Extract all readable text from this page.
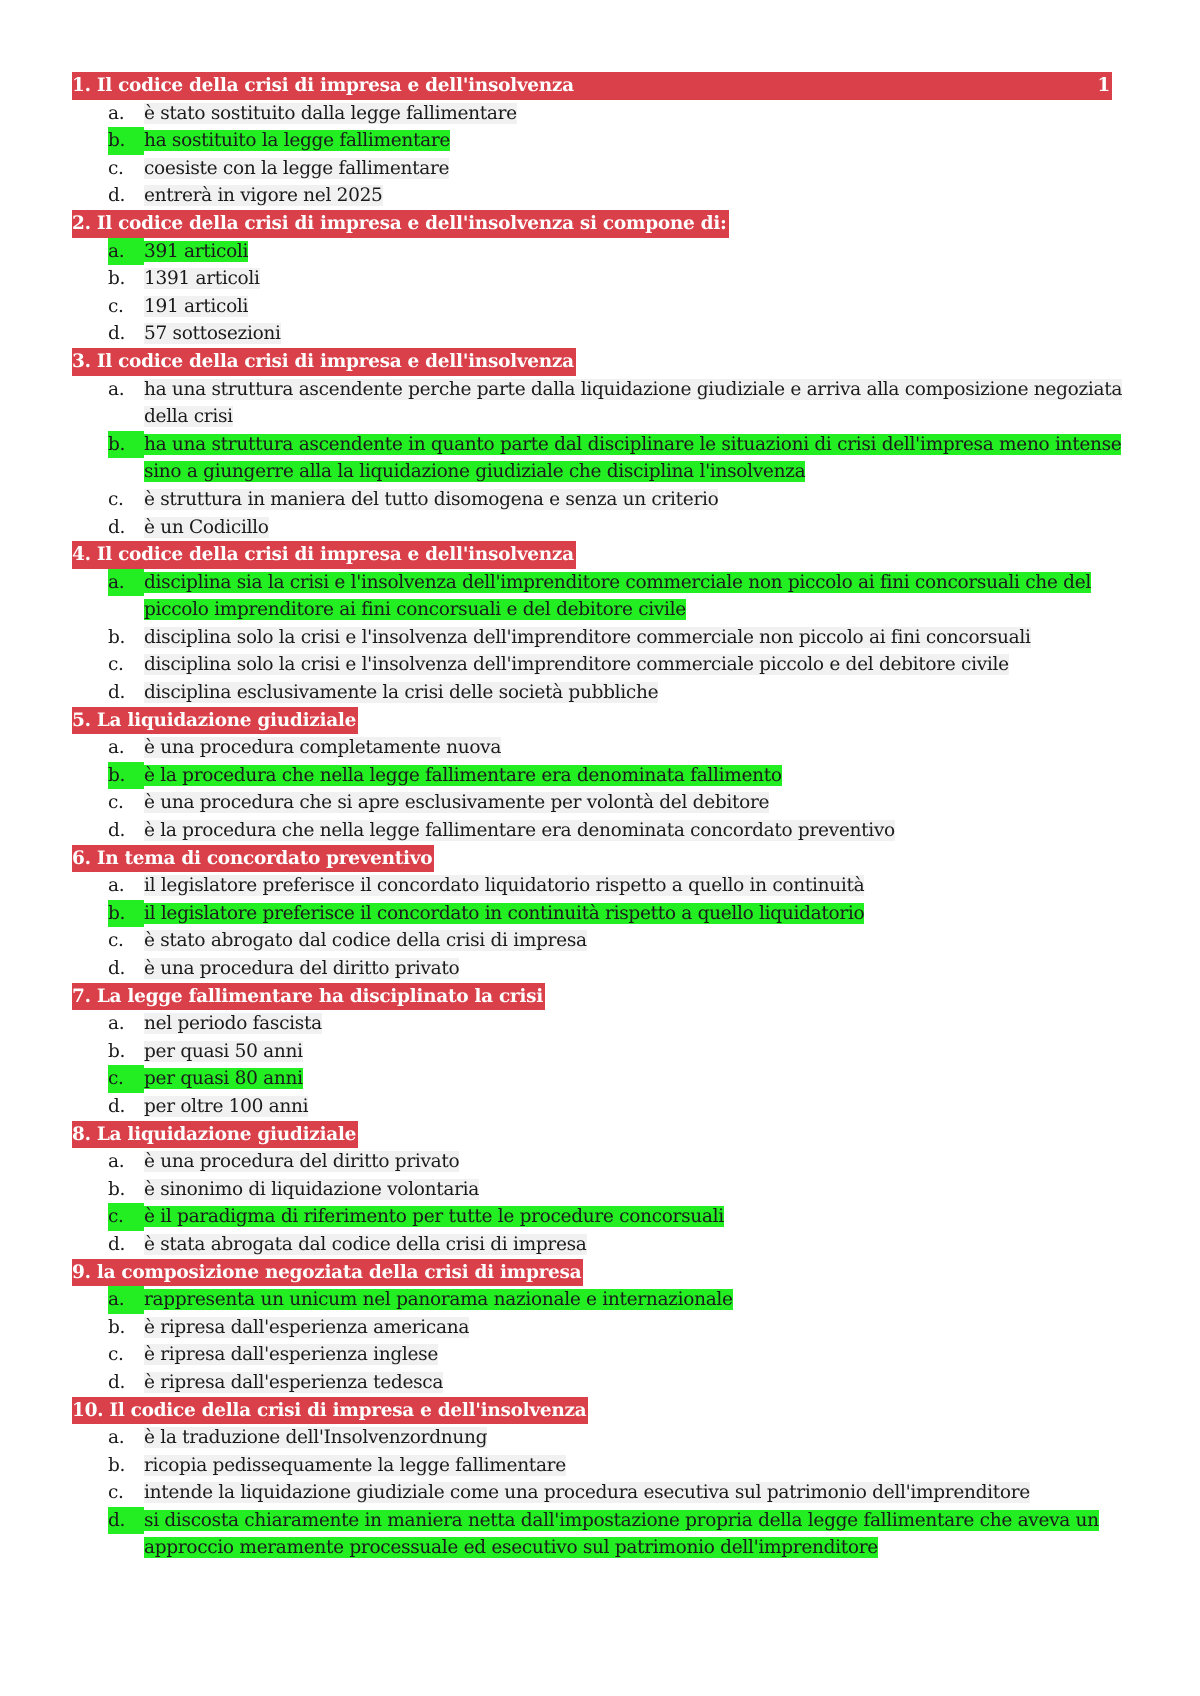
1. Il codice della crisi di impresa e dell'insolvenza	1
a.	è stato sostituito dalla legge fallimentare
b.	ha sostituito la legge fallimentare
c.	coesiste con la legge fallimentare
d.	entrerà in vigore nel 2025
2. Il codice della crisi di impresa e dell'insolvenza si compone di:
a.	391 articoli
b.	1391 articoli
c.	191 articoli
d.	57 sottosezioni
3. Il codice della crisi di impresa e dell'insolvenza
a.	ha una struttura ascendente perche parte dalla liquidazione giudiziale e arriva alla composizione negoziata della crisi
b.	ha una struttura ascendente in quanto parte dal disciplinare le situazioni di crisi dell'impresa meno intense sino a giungerre alla la liquidazione giudiziale che disciplina l'insolvenza
c.	è struttura in maniera del tutto disomogena e senza un criterio
d.	è un Codicillo
4. Il codice della crisi di impresa e dell'insolvenza
a.	disciplina sia la crisi e l'insolvenza dell'imprenditore commerciale non piccolo ai fini concorsuali che del piccolo imprenditore ai fini concorsuali e del debitore civile
b.	disciplina solo la crisi e l'insolvenza dell'imprenditore commerciale non piccolo ai fini concorsuali
c.	disciplina solo la crisi e l'insolvenza dell'imprenditore commerciale piccolo e del debitore civile
d.	disciplina esclusivamente la crisi delle società pubbliche
5. La liquidazione giudiziale
a.	è una procedura completamente nuova
b.	è la procedura che nella legge fallimentare era denominata fallimento
c.	è una procedura che si apre esclusivamente per volontà del debitore
d.	è la procedura che nella legge fallimentare era denominata concordato preventivo
6. In tema di concordato preventivo
a.	il legislatore preferisce il concordato liquidatorio rispetto a quello in continuità
b.	il legislatore preferisce il concordato in continuità rispetto a quello liquidatorio
c.	è stato abrogato dal codice della crisi di impresa
d.	è una procedura del diritto privato
7. La legge fallimentare ha disciplinato la crisi
a.	nel periodo fascista
b.	per quasi 50 anni
c.	per quasi 80 anni
d.	per oltre 100 anni
8. La liquidazione giudiziale
a.	è una procedura del diritto privato
b.	è sinonimo di liquidazione volontaria
c.	è il paradigma di riferimento per tutte le procedure concorsuali
d.	è stata abrogata dal codice della crisi di impresa
9. la composizione negoziata della crisi di impresa
a.	rappresenta un unicum nel panorama nazionale e internazionale
b.	è ripresa dall'esperienza americana
c.	è ripresa dall'esperienza inglese
d.	è ripresa dall'esperienza tedesca
10. Il codice della crisi di impresa e dell'insolvenza
a.	è la traduzione dell'Insolvenzordnung
b.	ricopia pedissequamente la legge fallimentare
c.	intende la liquidazione giudiziale come una procedura esecutiva sul patrimonio dell'imprenditore
d.	si discosta chiaramente in maniera netta dall'impostazione propria della legge fallimentare che aveva un approccio meramente processuale ed esecutivo sul patrimonio dell'imprenditore
